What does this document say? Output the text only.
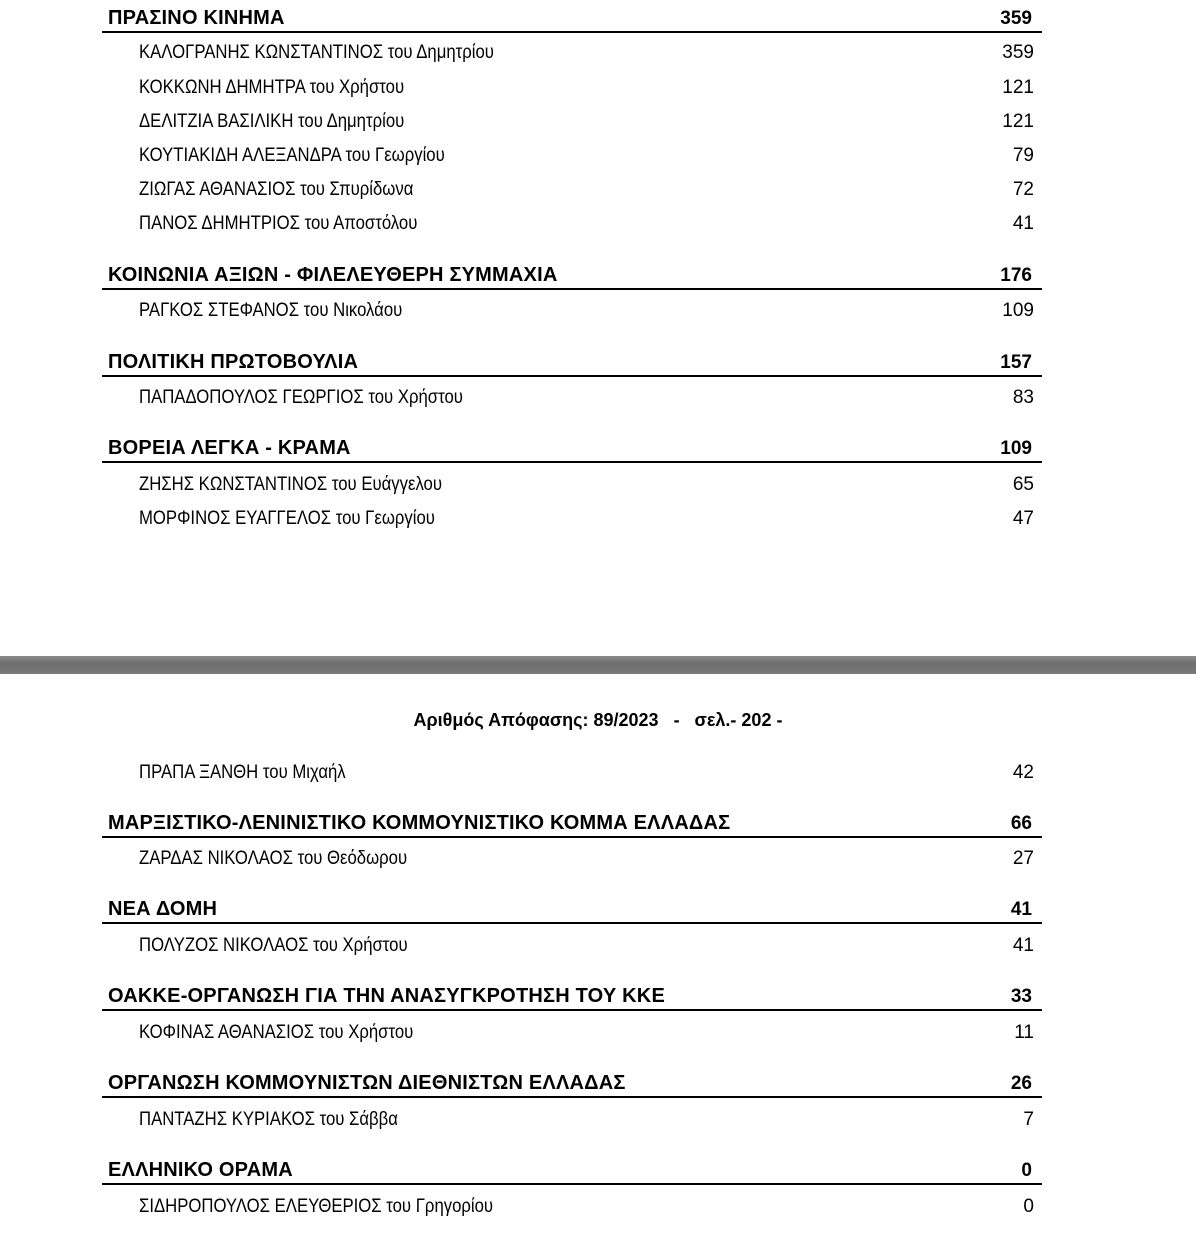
ΠΡΑΣΙΝΟ ΚΙΝΗΜΑ	359
ΚΑΛΟΓΡΑΝΗΣ ΚΩΝΣΤΑΝΤΙΝΟΣ του Δημητρίου	359
ΚΟΚΚΩΝΗ ΔΗΜΗΤΡΑ του Χρήστου	121
ΔΕΛΙΤΖΙΑ ΒΑΣΙΛΙΚΗ του Δημητρίου	121
ΚΟΥΤΙΑΚΙΔΗ ΑΛΕΞΑΝΔΡΑ του Γεωργίου	79
ΖΙΩΓΑΣ ΑΘΑΝΑΣΙΟΣ του Σπυρίδωνα	72
ΠΑΝΟΣ ΔΗΜΗΤΡΙΟΣ του Αποστόλου	41
ΚΟΙΝΩΝΙΑ ΑΞΙΩΝ - ΦΙΛΕΛΕΥΘΕΡΗ ΣΥΜΜΑΧΙΑ	176
ΡΑΓΚΟΣ ΣΤΕΦΑΝΟΣ του Νικολάου	109
ΠΟΛΙΤΙΚΗ ΠΡΩΤΟΒΟΥΛΙΑ	157
ΠΑΠΑΔΟΠΟΥΛΟΣ ΓΕΩΡΓΙΟΣ του Χρήστου	83
ΒΟΡΕΙΑ ΛΕΓΚΑ - ΚΡΑΜΑ	109
ΖΗΣΗΣ ΚΩΝΣΤΑΝΤΙΝΟΣ του Ευάγγελου	65
ΜΟΡΦΙΝΟΣ ΕΥΑΓΓΕΛΟΣ του Γεωργίου	47
Αριθμός Απόφασης: 89/2023   -   σελ.- 202 -
ΠΡΑΠΑ ΞΑΝΘΗ του Μιχαήλ	42
ΜΑΡΞΙΣΤΙΚΟ-ΛΕΝΙΝΙΣΤΙΚΟ ΚΟΜΜΟΥΝΙΣΤΙΚΟ ΚΟΜΜΑ ΕΛΛΑΔΑΣ	66
ΖΑΡΔΑΣ ΝΙΚΟΛΑΟΣ του Θεόδωρου	27
ΝΕΑ ΔΟΜΗ	41
ΠΟΛΥΖΟΣ ΝΙΚΟΛΑΟΣ του Χρήστου	41
ΟΑΚΚΕ-ΟΡΓΑΝΩΣΗ ΓΙΑ ΤΗΝ ΑΝΑΣΥΓΚΡΟΤΗΣΗ ΤΟΥ ΚΚΕ	33
ΚΟΦΙΝΑΣ ΑΘΑΝΑΣΙΟΣ του Χρήστου	11
ΟΡΓΑΝΩΣΗ ΚΟΜΜΟΥΝΙΣΤΩΝ ΔΙΕΘΝΙΣΤΩΝ ΕΛΛΑΔΑΣ	26
ΠΑΝΤΑΖΗΣ ΚΥΡΙΑΚΟΣ του Σάββα	7
ΕΛΛΗΝΙΚΟ ΟΡΑΜΑ	0
ΣΙΔΗΡΟΠΟΥΛΟΣ ΕΛΕΥΘΕΡΙΟΣ του Γρηγορίου	0
